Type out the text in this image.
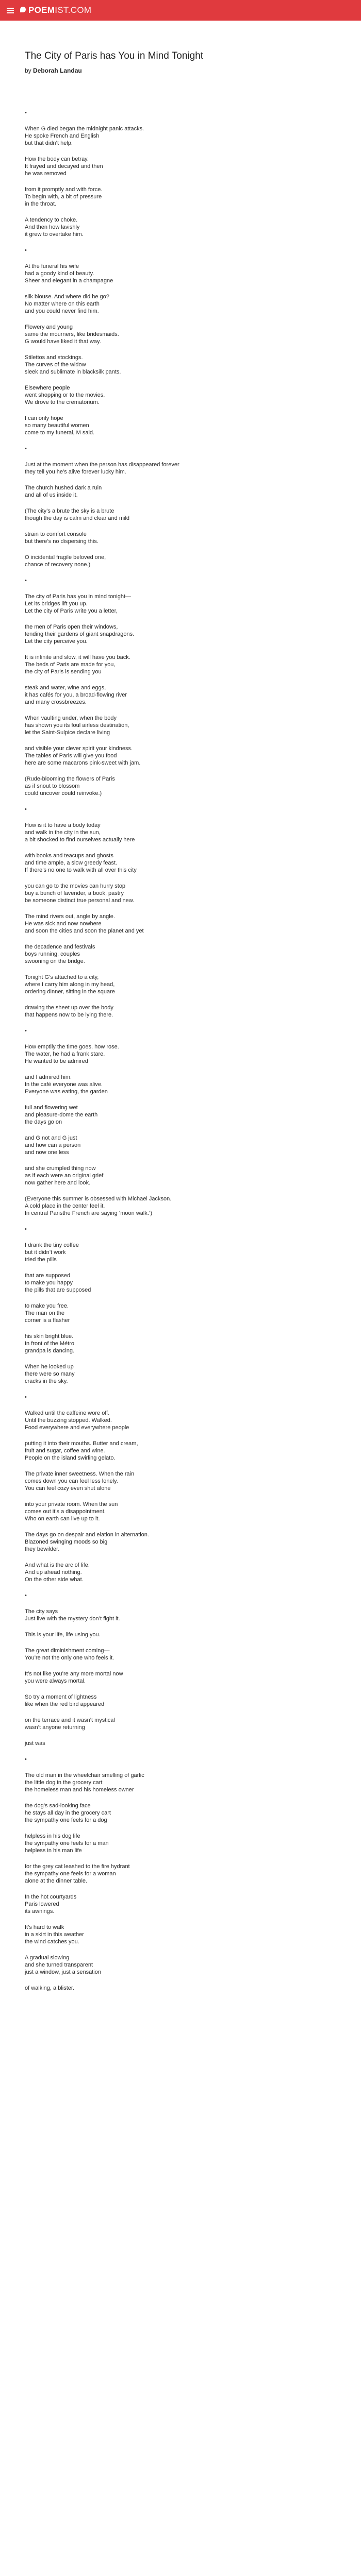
POEMIST.COM
The City of Paris has You in Mind Tonight
by Deborah Landau
•

When G died began the midnight panic attacks.
He spoke French and English
but that didn’t help.

How the body can betray.
It frayed and decayed and then
he was removed

from it promptly and with force.
To begin with, a bit of pressure
in the throat.

A tendency to choke.
And then how lavishly
it grew to overtake him.

•

At the funeral his wife
had a goody kind of beauty.
Sheer and elegant in a champagne

silk blouse. And where did he go?
No matter where on this earth
and you could never find him.

Flowery and young
same the mourners, like bridesmaids.
G would have liked it that way.

Stilettos and stockings.
The curves of the widow
sleek and sublimate in blacksilk pants.

Elsewhere people
went shopping or to the movies.
We drove to the crematorium.

I can only hope
so many beautiful women
come to my funeral, M said.

•

Just at the moment when the person has disappeared forever
they tell you he’s alive forever lucky him.

The church hushed dark a ruin
and all of us inside it.

(The city’s a brute the sky is a brute
though the day is calm and clear and mild

strain to comfort console
but there’s no dispersing this.

O incidental fragile beloved one,
chance of recovery none.)

•

The city of Paris has you in mind tonight—
Let its bridges lift you up.
Let the city of Paris write you a letter,

the men of Paris open their windows,
tending their gardens of giant snapdragons.
Let the city perceive you.

It is infinite and slow, it will have you back.
The beds of Paris are made for you,
the city of Paris is sending you

steak and water, wine and eggs,
it has cafés for you, a broad-flowing river
and many crossbreezes.

When vaulting under, when the body
has shown you its foul airless destination,
let the Saint-Sulpice declare living

and visible your clever spirit your kindness.
The tables of Paris will give you food
here are some macarons pink-sweet with jam.

(Rude-blooming the flowers of Paris
as if snout to blossom
could uncover could reinvoke.)

•

How is it to have a body today
and walk in the city in the sun,
a bit shocked to find ourselves actually here

with books and teacups and ghosts
and time ample, a slow greedy feast.
If there’s no one to walk with all over this city

you can go to the movies can hurry stop
buy a bunch of lavender, a book, pastry
be someone distinct true personal and new.

The mind rivers out, angle by angle.
He was sick and now nowhere
and soon the cities and soon the planet and yet

the decadence and festivals
boys running, couples
swooning on the bridge.

Tonight G’s attached to a city,
where I carry him along in my head,
ordering dinner, sitting in the square

drawing the sheet up over the body
that happens now to be lying there.

•

How emptily the time goes, how rose.
The water, he had a frank stare.
He wanted to be admired

and I admired him.
In the café everyone was alive.
Everyone was eating, the garden

full and flowering wet
and pleasure-dome the earth
the days go on

and G not and G just
and how can a person
and now one less

and she crumpled thing now
as if each were an original grief
now gather here and look.

(Everyone this summer is obsessed with Michael Jackson.
A cold place in the center feel it.
In central Paristhe French are saying ‘moon walk.’)

•

I drank the tiny coffee
but it didn’t work
tried the pills

that are supposed
to make you happy
the pills that are supposed

to make you free.
The man on the
corner is a flasher

his skin bright blue.
In front of the Métro
grandpa is dancing.

When he looked up
there were so many
cracks in the sky.

•

Walked until the caffeine wore off.
Until the buzzing stopped. Walked.
Food everywhere and everywhere people

putting it into their mouths. Butter and cream,
fruit and sugar, coffee and wine.
People on the island swirling gelato.

The private inner sweetness. When the rain
comes down you can feel less lonely.
You can feel cozy even shut alone

into your private room. When the sun
comes out it’s a disappointment.
Who on earth can live up to it.

The days go on despair and elation in alternation.
Blazoned swinging moods so big
they bewilder.

And what is the arc of life.
And up ahead nothing.
On the other side what.

•

The city says
Just live with the mystery don’t fight it.

This is your life, life using you.

The great diminishment coming—
You’re not the only one who feels it.

It’s not like you’re any more mortal now
you were always mortal.

So try a moment of lightness
like when the red bird appeared

on the terrace and it wasn’t mystical
wasn’t anyone returning

just was

•

The old man in the wheelchair smelling of garlic
the little dog in the grocery cart
the homeless man and his homeless owner

the dog’s sad-looking face
he stays all day in the grocery cart
the sympathy one feels for a dog

helpless in his dog life
the sympathy one feels for a man
helpless in his man life

for the grey cat leashed to the fire hydrant
the sympathy one feels for a woman
alone at the dinner table.

In the hot courtyards
Paris lowered
its awnings.

It’s hard to walk
in a skirt in this weather
the wind catches you.

A gradual slowing
and she turned transparent
just a window, just a sensation

of walking, a blister.
